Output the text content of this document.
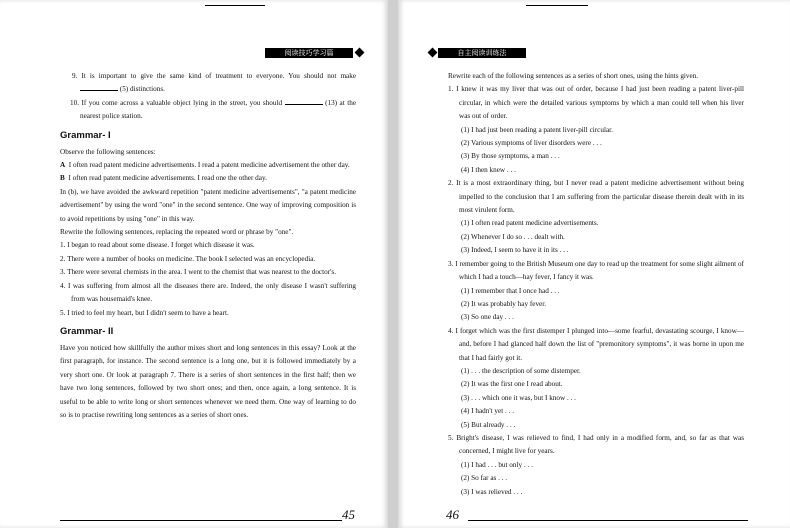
阅读技巧学习篇

9. It is important to give the same kind of treatment to everyone. You should not make  (5) distinctions.

10. If you come across a valuable object lying in the street, you should	(13) at the nearest police station.

Grammar- I

Observe the following sentences:

A I often read patent medicine advertisements. I read a patent medicine advertisement the other day.

B I often read patent medicine advertisements. I read one the other day.

In (b), we have avoided the awkward repetition "patent medicine advertisements", "a patent medicine advertisement" by using the word "one" in the second sentence. One way of improving composition is to avoid repetitions by using "one" in this way.

Rewrite the following sentences, replacing the repeated word or phrase by "one".

1. I began to read about some disease. I forget which disease it was.

2. There were a number of books on medicine. The book I selected was an encyclopedia.

3. There were several chemists in the area. I went to the chemist that was nearest to the doctor's.

4. I was suffering from almost all the diseases there are. Indeed, the only disease I wasn't suffering from was housemaid's knee.

5. I tried to feel my heart, but I didn't seem to have a heart.

Grammar- II

Have you noticed how skillfully the author mixes short and long sentences in this essay? Look at the first paragraph, for instance. The second sentence is a long one, but it is followed immediately by a very short one. Or look at paragraph 7. There is a series of short sentences in the first half; then we have two long sentences, followed by two short ones; and then, once again, a long sentence. It is useful to be able to write long or short sentences whenever we need them. One way of learning to do so is to practise rewriting long sentences as a series of short ones.

45
自主阅读训练法

Rewrite each of the following sentences as a series of short ones, using the hints given.

1. I knew it was my liver that was out of order, because I had just been reading a patent liver-pill circular, in which were the detailed various symptoms by which a man could tell when his liver was out of order.

(1) I had just been reading a patent liver-pill circular.

(2) Various symptoms of liver disorders were . . .

(3) By those symptoms, a man . . .

(4) I then knew . . .

2. It is a most extraordinary thing, but I never read a patent medicine advertisement without being impelled to the conclusion that I am suffering from the particular disease therein dealt with in its most virulent form.

(1) I often read patent medicine advertisements.

(2) Whenever I do so . . . dealt with.

(3) Indeed, I seem to have it in its . . .

3. I remember going to the British Museum one day to read up the treatment for some slight ailment of which I had a touch—hay fever, I fancy it was.

(1) I remember that I once had . . .

(2) It was probably hay fever.

(3) So one day . . .

4. I forget which was the first distemper I plunged into—some fearful, devastating scourge, I know— and, before I had glanced half down the list of "premonitory symptoms", it was borne in upon me that I had fairly got it.

(1) . . . the description of some distemper.

(2) It was the first one I read about.

(3) . . . which one it was, but I know . . .

(4) I hadn't yet . . .

(5) But already . . .

5. Bright's disease, I was relieved to find, I had only in a modified form, and, so far as that was concerned, I might live for years.

(1) I had . . . but only . . .

(2) So far as . . .

(3) I was relieved . . .

46
